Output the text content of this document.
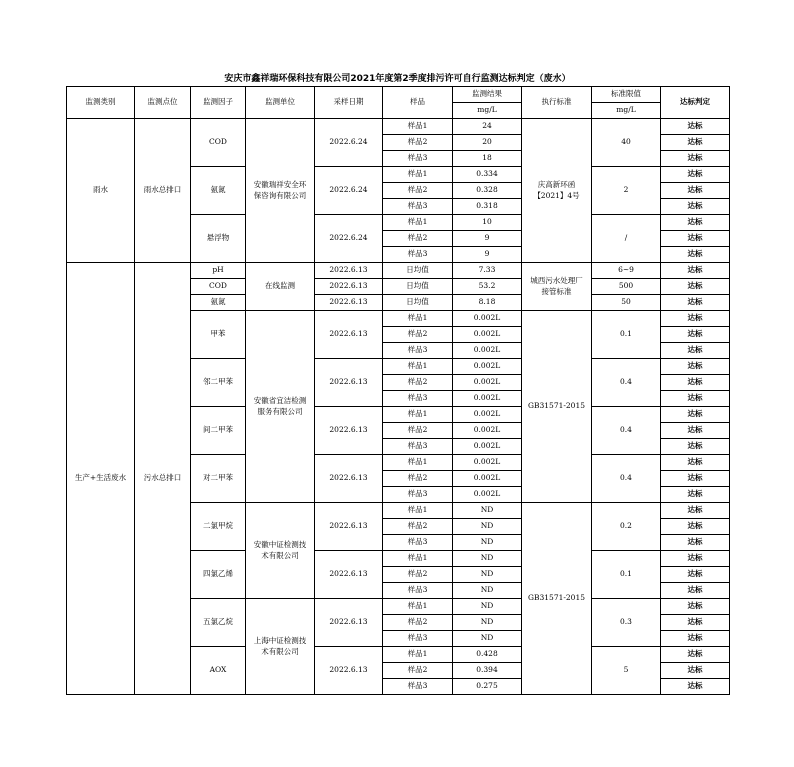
安庆市鑫祥瑞环保科技有限公司2021年度第2季度排污许可自行监测达标判定（废水）
监测类别	监测点位	监测因子	监测单位	采样日期	样品	监测结果	执行标准	标准限值	达标判定
						mg/L		mg/L	
雨水	雨水总排口	COD	安徽瑞祥安全环保咨询有限公司	2022.6.24	样品1	24	庆高新环函【2021】4号	40	达标
					样品2	20			达标
					样品3	18			达标
		氨氮		2022.6.24	样品1	0.334		2	达标
					样品2	0.328			达标
					样品3	0.318			达标
		悬浮物		2022.6.24	样品1	10		/	达标
					样品2	9			达标
					样品3	9			达标
生产+生活废水	污水总排口	pH	在线监测	2022.6.13	日均值	7.33	城西污水处理厂接管标准	6~9	达标
		COD		2022.6.13	日均值	53.2		500	达标
		氨氮		2022.6.13	日均值	8.18		50	达标
		甲苯	安徽省宜洁检测服务有限公司	2022.6.13	样品1	0.002L	GB31571-2015	0.1	达标
					样品2	0.002L			达标
					样品3	0.002L			达标
		邻二甲苯		2022.6.13	样品1	0.002L		0.4	达标
					样品2	0.002L			达标
					样品3	0.002L			达标
		间二甲苯		2022.6.13	样品1	0.002L		0.4	达标
					样品2	0.002L			达标
					样品3	0.002L			达标
		对二甲苯		2022.6.13	样品1	0.002L		0.4	达标
					样品2	0.002L			达标
					样品3	0.002L			达标
		二氯甲烷	安徽中证检测技术有限公司	2022.6.13	样品1	ND	GB31571-2015	0.2	达标
					样品2	ND			达标
					样品3	ND			达标
		四氯乙烯		2022.6.13	样品1	ND		0.1	达标
					样品2	ND			达标
					样品3	ND			达标
		五氯乙烷	上海中证检测技术有限公司	2022.6.13	样品1	ND		0.3	达标
					样品2	ND			达标
					样品3	ND			达标
		AOX		2022.6.13	样品1	0.428		5	达标
					样品2	0.394			达标
					样品3	0.275			达标
